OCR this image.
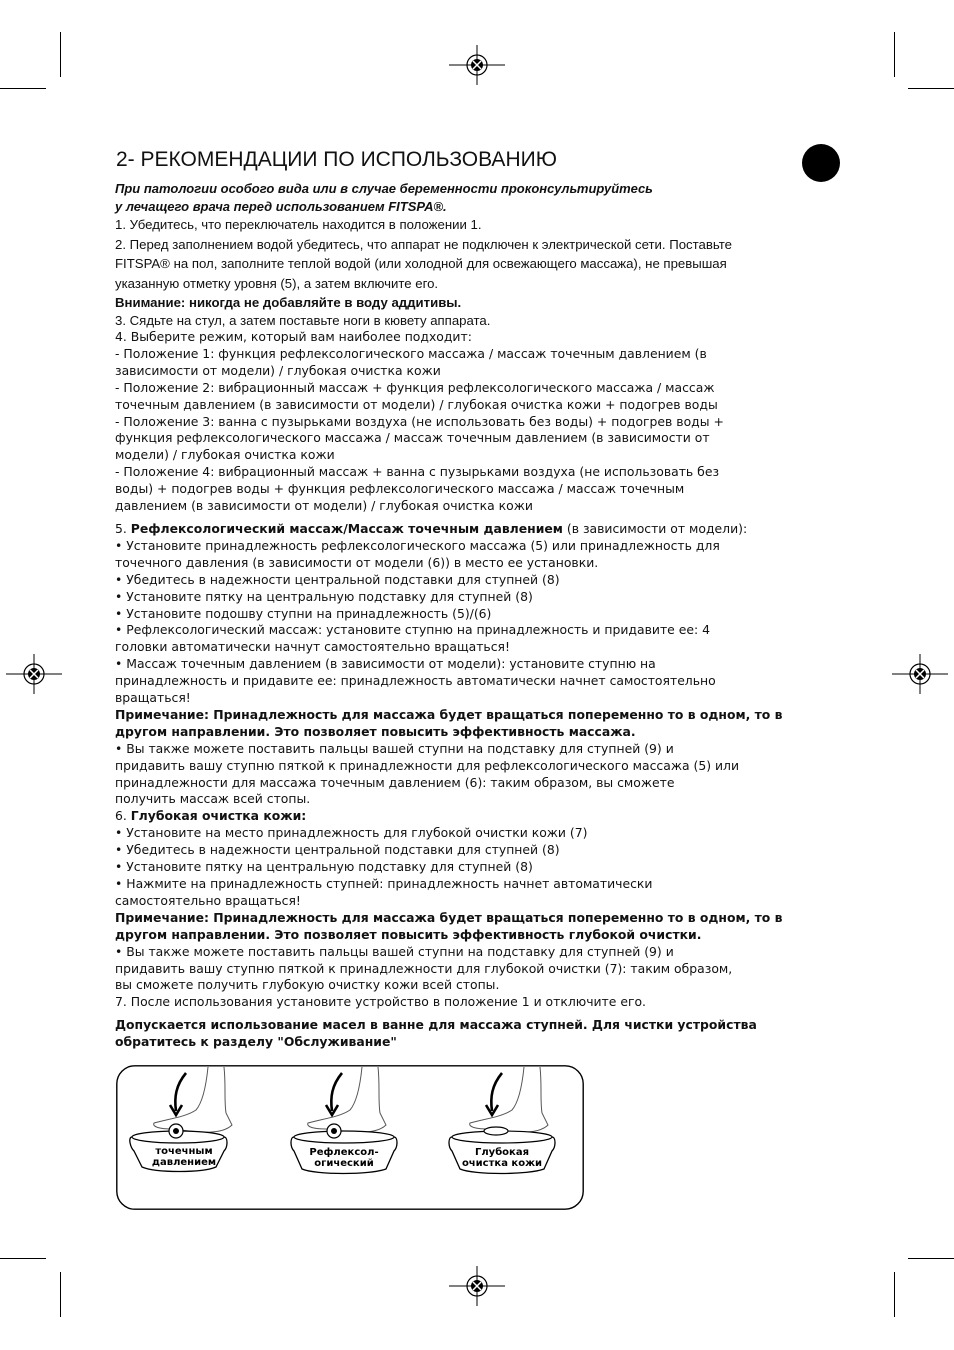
2- РЕКОМЕНДАЦИИ ПО ИСПОЛЬЗОВАНИЮ

При патологии особого вида или в случае беременности проконсультируйтесь

у лечащего врача перед использованием FITSPA®.

1. Убедитесь, что переключатель находится в положении 1.

2. Перед заполнением водой убедитесь, что аппарат не подключен к электрической сети. Поставьте

FITSPA® на пол, заполните теплой водой (или холодной для освежающего массажа), не превышая

указанную отметку уровня (5), а затем включите его.

Внимание: никогда не добавляйте в воду аддитивы.

3. Сядьте на стул, а затем поставьте ноги в кювету аппарата.

4. Выберите режим, который вам наиболее подходит:

- Положение 1: функция рефлексологического массажа / массаж точечным давлением (в

зависимости от модели) / глубокая очистка кожи

- Положение 2: вибрационный массаж + функция рефлексологического массажа / массаж

точечным давлением (в зависимости от модели) / глубокая очистка кожи + подогрев воды

- Положение 3: ванна с пузырьками воздуха (не использовать без воды) + подогрев воды +

функция рефлексологического массажа / массаж точечным давлением (в зависимости от

модели) / глубокая очистка кожи

- Положение 4: вибрационный массаж + ванна с пузырьками воздуха (не использовать без

воды) + подогрев воды + функция рефлексологического массажа / массаж точечным

давлением (в зависимости от модели) / глубокая очистка кожи

5. Рефлексологический массаж/Массаж точечным давлением (в зависимости от модели):

• Установите принадлежность рефлексологического массажа (5) или принадлежность для

точечного давления (в зависимости от модели (6)) в место ее установки.

• Убедитесь в надежности центральной подставки для ступней (8)

• Установите пятку на центральную подставку для ступней (8)

• Установите подошву ступни на принадлежность (5)/(6)

• Рефлексологический массаж: установите ступню на принадлежность и придавите ее: 4

головки автоматически начнут самостоятельно вращаться!

• Массаж точечным давлением (в зависимости от модели): установите ступню на

принадлежность и придавите ее: принадлежность автоматически начнет самостоятельно

вращаться!

Примечание: Принадлежность для массажа будет вращаться попеременно то в одном, то в

другом направлении. Это позволяет повысить эффективность массажа.

• Вы также можете поставить пальцы вашей ступни на подставку для ступней (9) и

придавить вашу ступню пяткой к принадлежности для рефлексологического массажа (5) или

принадлежности для массажа точечным давлением (6): таким образом, вы сможете

получить массаж всей стопы.

6. Глубокая очистка кожи:

• Установите на место принадлежность для глубокой очистки кожи (7)

• Убедитесь в надежности центральной подставки для ступней (8)

• Установите пятку на центральную подставку для ступней (8)

• Нажмите на принадлежность ступней: принадлежность начнет автоматически

самостоятельно вращаться!

Примечание: Принадлежность для массажа будет вращаться попеременно то в одном, то в

другом направлении. Это позволяет повысить эффективность глубокой очистки.

• Вы также можете поставить пальцы вашей ступни на подставку для ступней (9) и

придавить вашу ступню пяткой к принадлежности для глубокой очистки (7): таким образом,

вы сможете получить глубокую очистку кожи всей стопы.

7. После использования установите устройство в положение 1 и отключите его.

Допускается использование масел в ванне для массажа ступней. Для чистки устройства

обратитесь к разделу "Обслуживание"

точечным
давлением
Рефлексол-
огический
Глубокая
очистка кожи
